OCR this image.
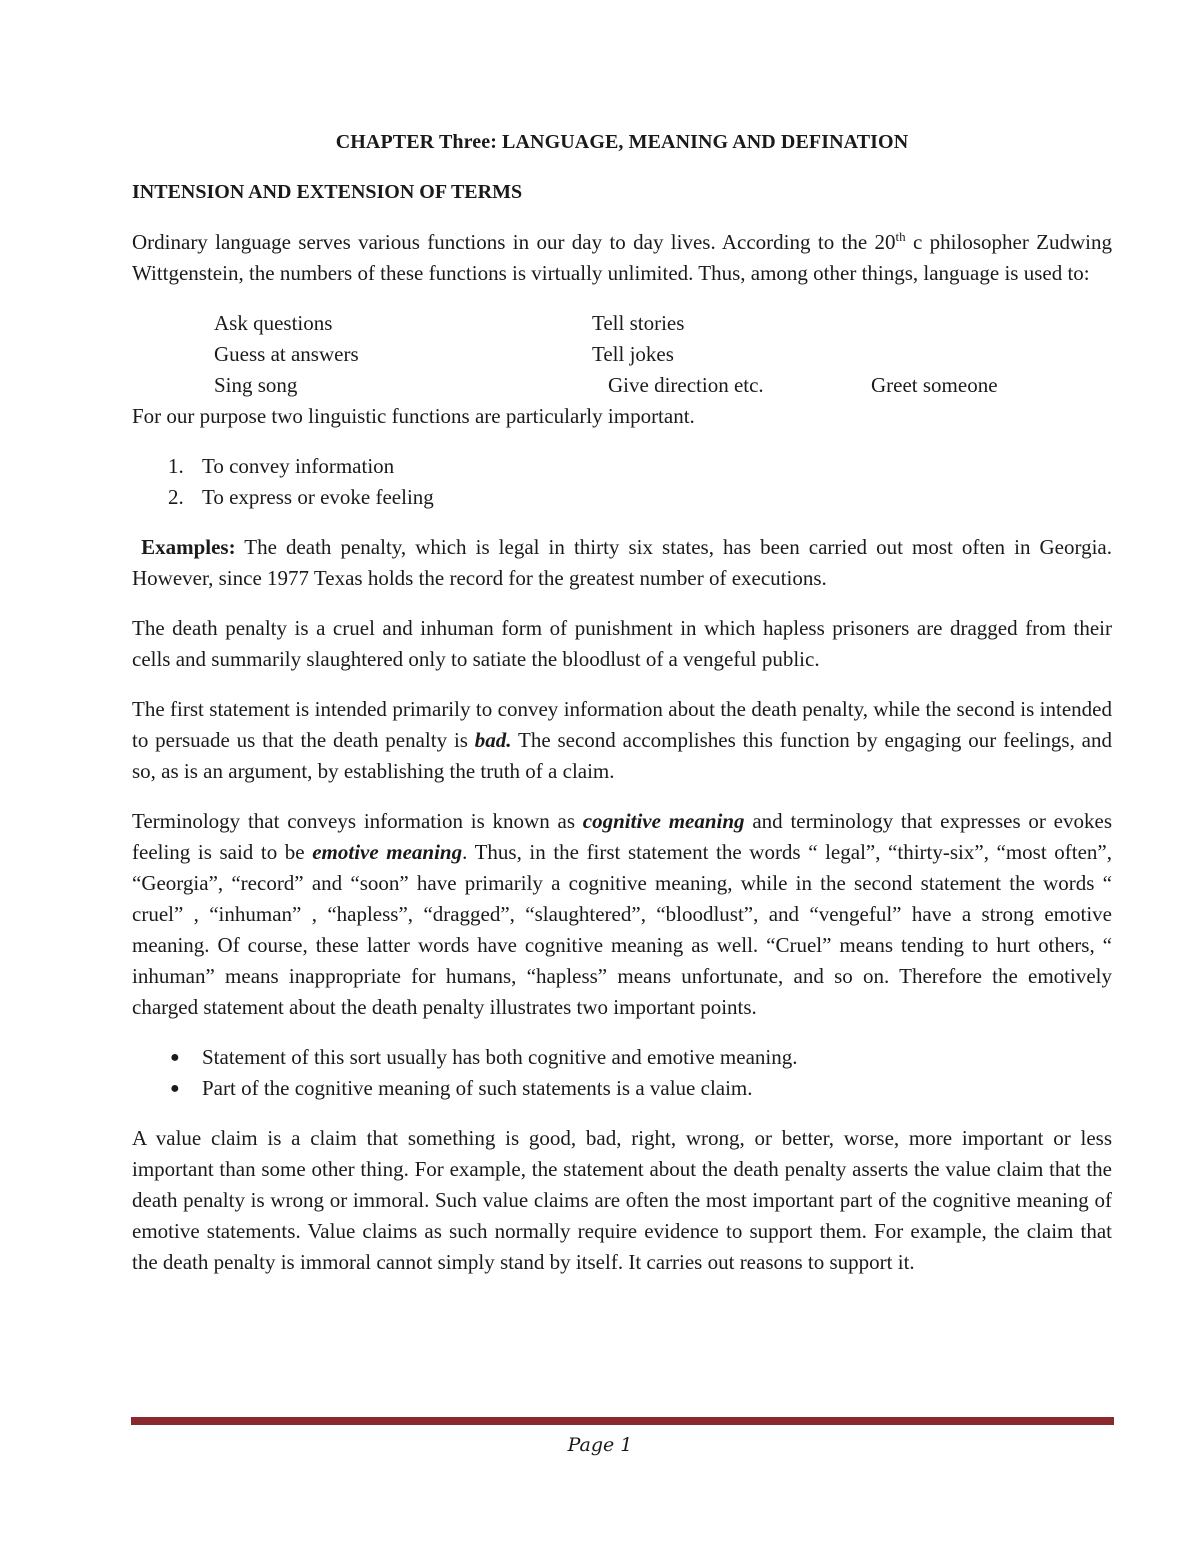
CHAPTER Three: LANGUAGE, MEANING AND DEFINATION
INTENSION AND EXTENSION OF TERMS

Ordinary language serves various functions in our day to day lives. According to the 20th c philosopher Zudwing Wittgenstein, the numbers of these functions is virtually unlimited. Thus, among other things, language is used to:

Ask questions	Tell stories
Guess at answers	Tell jokes
Sing song	Give direction etc.	Greet someone

For our purpose two linguistic functions are particularly important.

1. To convey information
2. To express or evoke feeling

Examples: The death penalty, which is legal in thirty six states, has been carried out most often in Georgia. However, since 1977 Texas holds the record for the greatest number of executions.

The death penalty is a cruel and inhuman form of punishment in which hapless prisoners are dragged from their cells and summarily slaughtered only to satiate the bloodlust of a vengeful public.

The first statement is intended primarily to convey information about the death penalty, while the second is intended to persuade us that the death penalty is bad. The second accomplishes this function by engaging our feelings, and so, as is an argument, by establishing the truth of a claim.

Terminology that conveys information is known as cognitive meaning and terminology that expresses or evokes feeling is said to be emotive meaning. Thus, in the first statement the words “ legal”, “thirty-six”, “most often”, “Georgia”, “record” and “soon” have primarily a cognitive meaning, while in the second statement the words “ cruel” , “inhuman” , “hapless”, “dragged”, “slaughtered”, “bloodlust”, and “vengeful” have a strong emotive meaning. Of course, these latter words have cognitive meaning as well. “Cruel” means tending to hurt others, “ inhuman” means inappropriate for humans, “hapless” means unfortunate, and so on. Therefore the emotively charged statement about the death penalty illustrates two important points.

● Statement of this sort usually has both cognitive and emotive meaning.
● Part of the cognitive meaning of such statements is a value claim.

A value claim is a claim that something is good, bad, right, wrong, or better, worse, more important or less important than some other thing. For example, the statement about the death penalty asserts the value claim that the death penalty is wrong or immoral. Such value claims are often the most important part of the cognitive meaning of emotive statements. Value claims as such normally require evidence to support them. For example, the claim that the death penalty is immoral cannot simply stand by itself. It carries out reasons to support it.

Page 1
